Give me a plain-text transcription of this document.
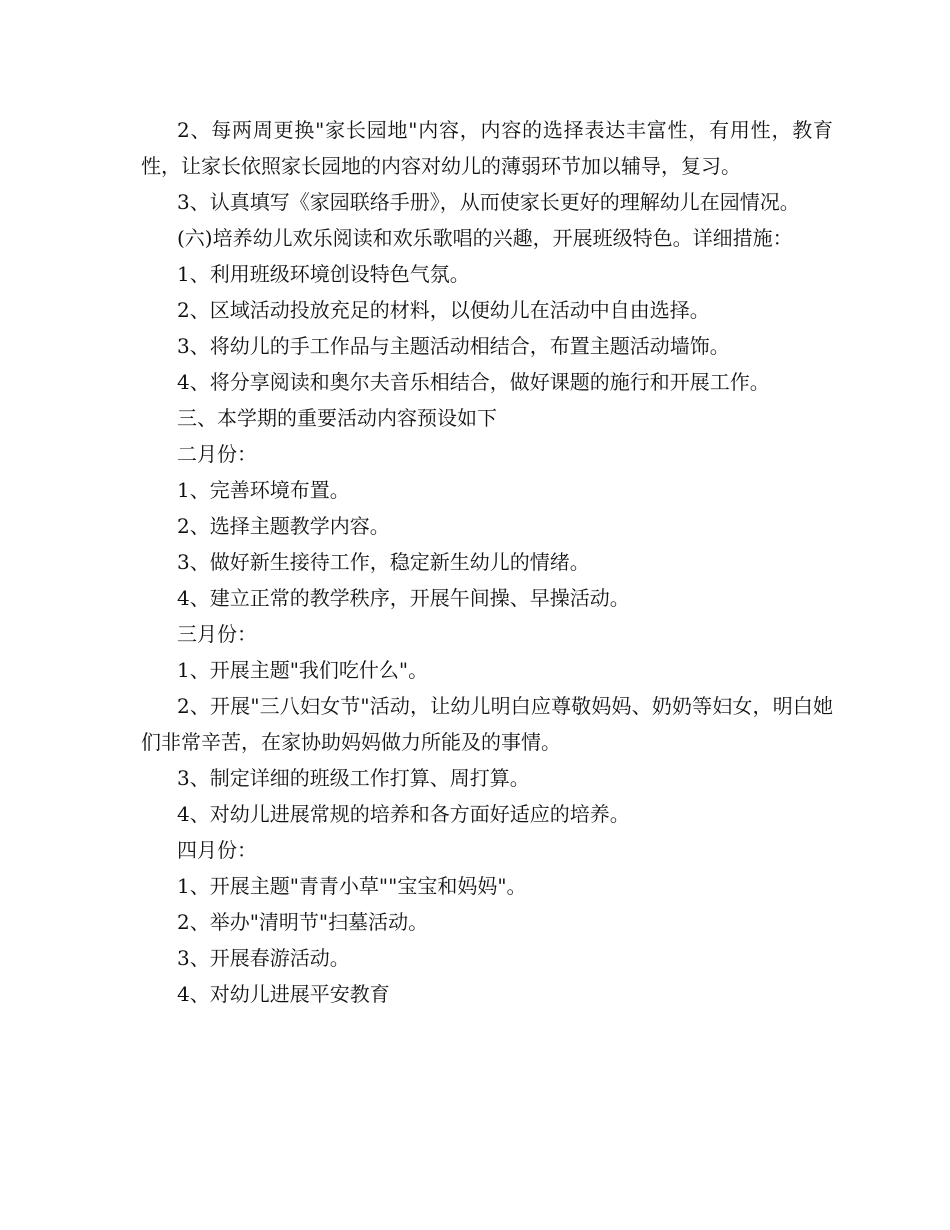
2、每两周更换"家长园地"内容，内容的选择表达丰富性，有用性，教育性，让家长依照家长园地的内容对幼儿的薄弱环节加以辅导，复习。

3、认真填写《家园联络手册》，从而使家长更好的理解幼儿在园情况。

(六)培养幼儿欢乐阅读和欢乐歌唱的兴趣，开展班级特色。详细措施：

1、利用班级环境创设特色气氛。

2、区域活动投放充足的材料，以便幼儿在活动中自由选择。

3、将幼儿的手工作品与主题活动相结合，布置主题活动墙饰。

4、将分享阅读和奥尔夫音乐相结合，做好课题的施行和开展工作。

三、本学期的重要活动内容预设如下

二月份：

1、完善环境布置。

2、选择主题教学内容。

3、做好新生接待工作，稳定新生幼儿的情绪。

4、建立正常的教学秩序，开展午间操、早操活动。

三月份：

1、开展主题"我们吃什么"。

2、开展"三八妇女节"活动，让幼儿明白应尊敬妈妈、奶奶等妇女，明白她们非常辛苦，在家协助妈妈做力所能及的事情。

3、制定详细的班级工作打算、周打算。

4、对幼儿进展常规的培养和各方面好适应的培养。

四月份：

1、开展主题"青青小草""宝宝和妈妈"。

2、举办"清明节"扫墓活动。

3、开展春游活动。

4、对幼儿进展平安教育
